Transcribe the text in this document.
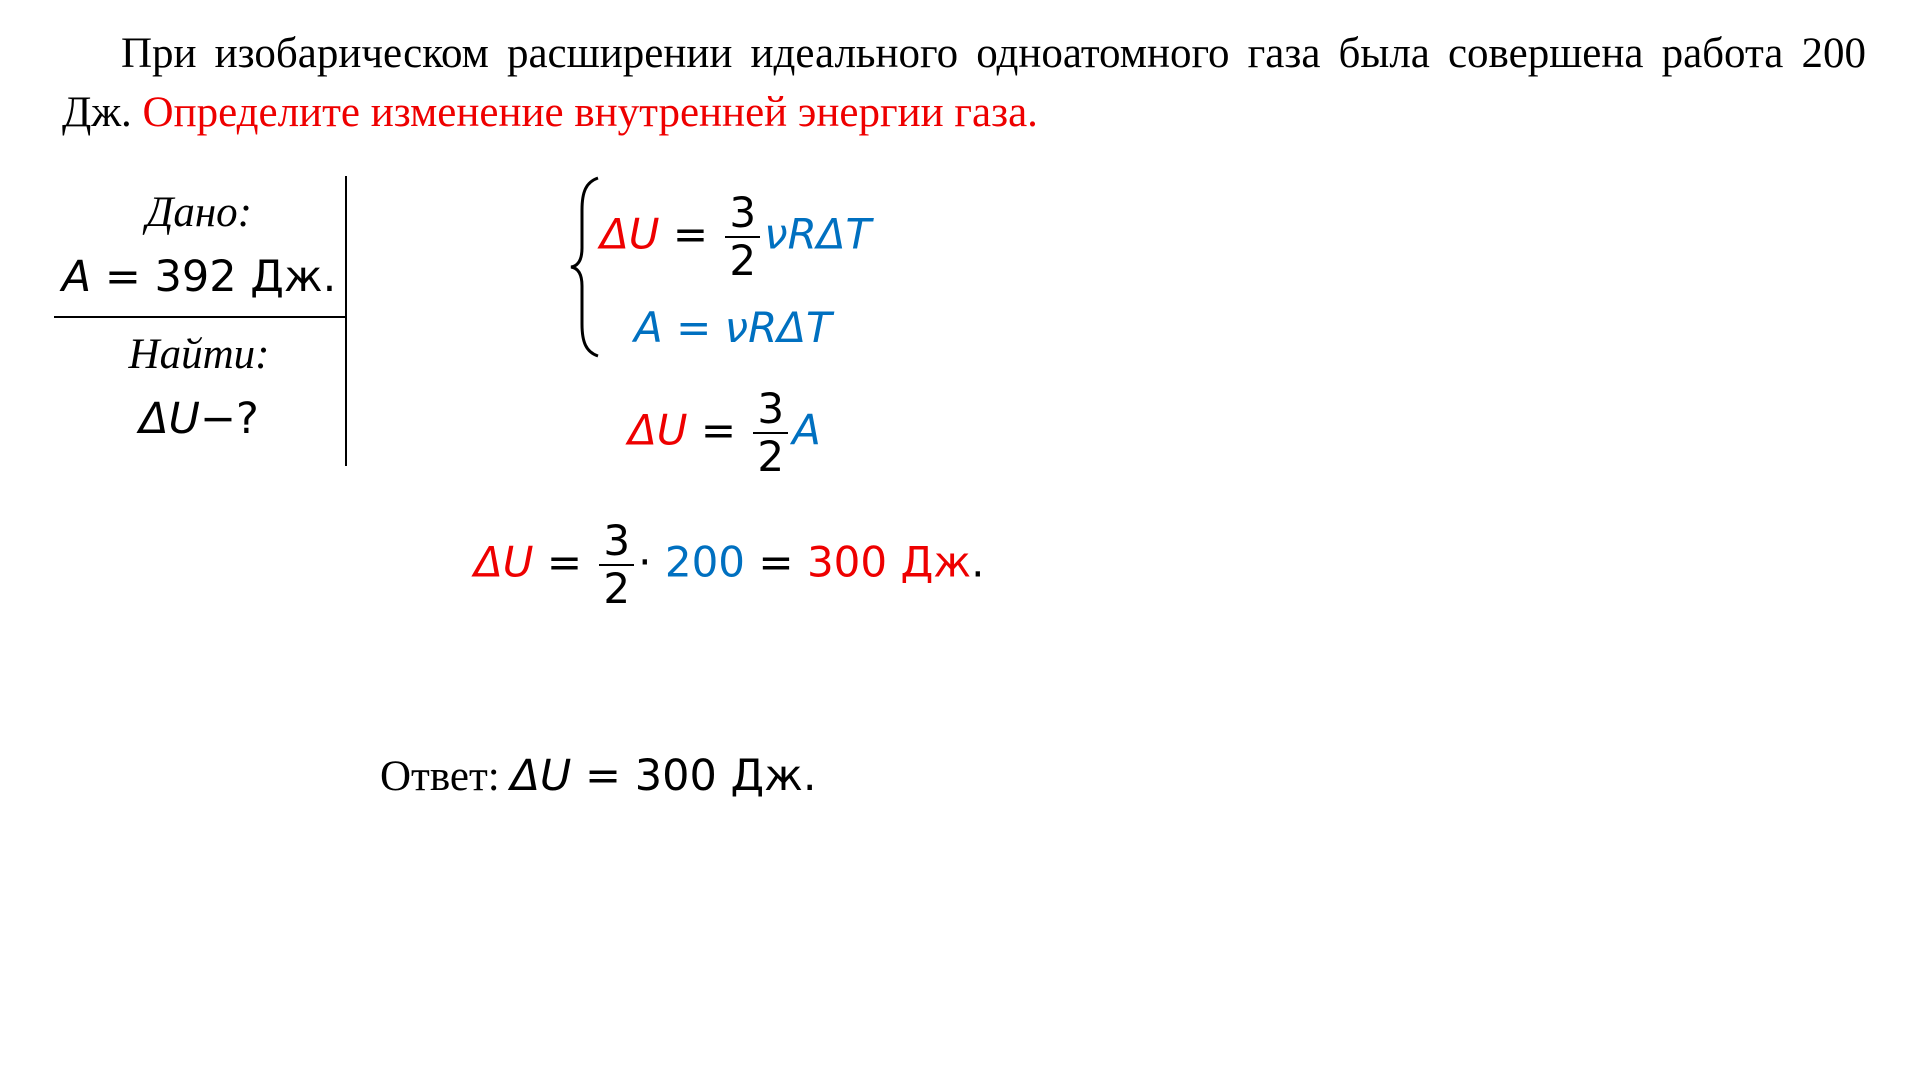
При изобарическом расширении идеального одноатомного газа была совершена работа 200 Дж. Определите изменение внутренней энергии газа.
Дано:
A = 392 Дж.
Найти:
ΔU−?
$\Delta U = \frac{3}{2}$ νRΔT
A = νRΔT
$\Delta U = \frac{3}{2}$ A
$\Delta U = \frac{3}{2} \cdot 200 = 300$ Дж.
Ответ: ΔU = 300 Дж.
